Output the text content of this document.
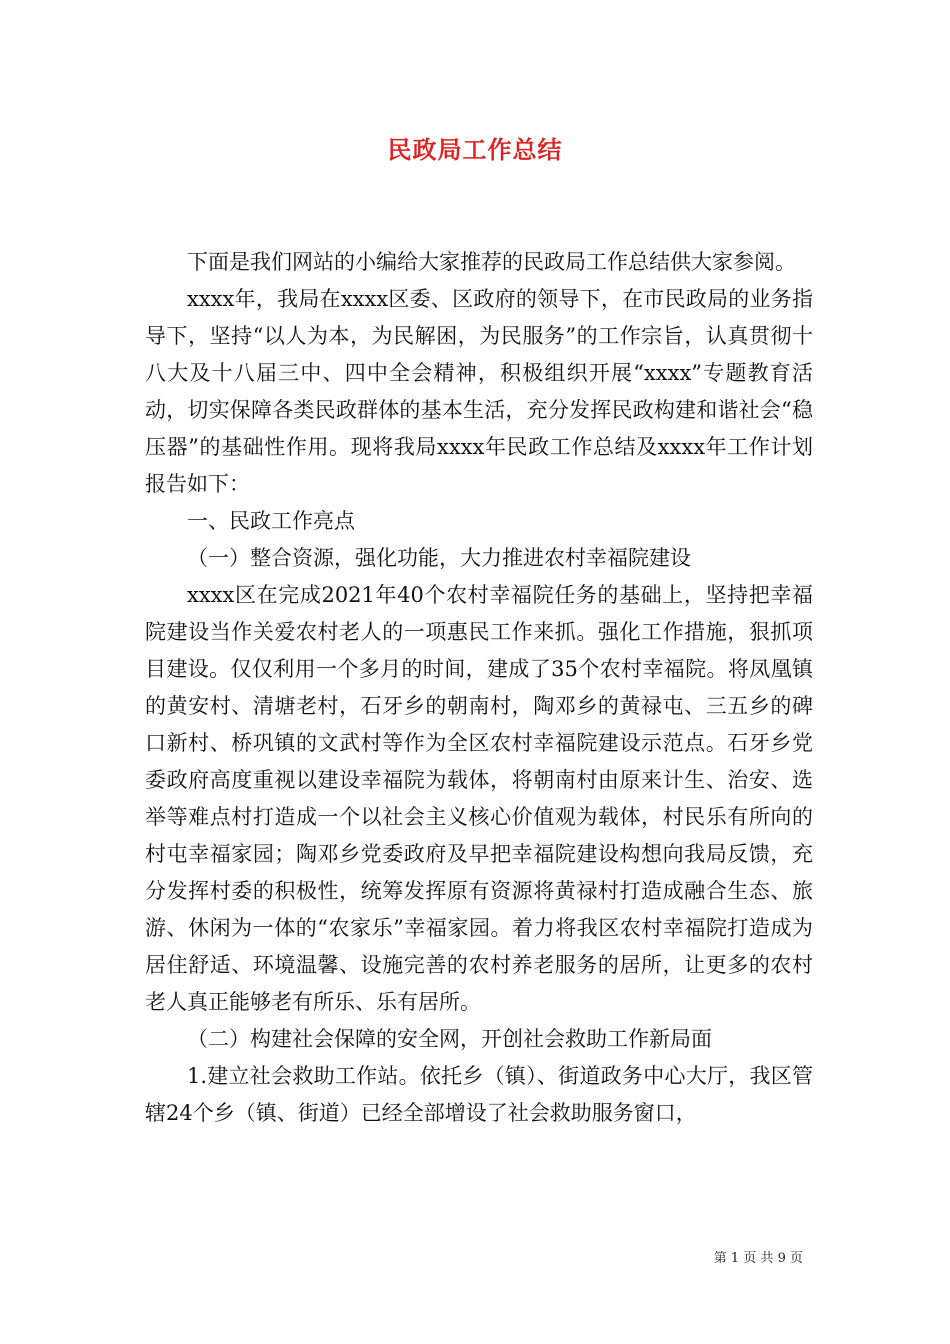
民政局工作总结

下面是我们网站的小编给大家推荐的民政局工作总结供大家参阅。

xxxx年，我局在xxxx区委、区政府的领导下，在市民政局的业务指导下，坚持“以人为本，为民解困，为民服务”的工作宗旨，认真贯彻十八大及十八届三中、四中全会精神，积极组织开展“xxxx”专题教育活动，切实保障各类民政群体的基本生活，充分发挥民政构建和谐社会“稳压器”的基础性作用。现将我局xxxx年民政工作总结及xxxx年工作计划报告如下：

一、民政工作亮点

（一）整合资源，强化功能，大力推进农村幸福院建设

xxxx区在完成2021年40个农村幸福院任务的基础上，坚持把幸福院建设当作关爱农村老人的一项惠民工作来抓。强化工作措施，狠抓项目建设。仅仅利用一个多月的时间，建成了35个农村幸福院。将凤凰镇的黄安村、清塘老村，石牙乡的朝南村，陶邓乡的黄禄屯、三五乡的碑口新村、桥巩镇的文武村等作为全区农村幸福院建设示范点。石牙乡党委政府高度重视以建设幸福院为载体，将朝南村由原来计生、治安、选举等难点村打造成一个以社会主义核心价值观为载体，村民乐有所向的村屯幸福家园；陶邓乡党委政府及早把幸福院建设构想向我局反馈，充分发挥村委的积极性，统筹发挥原有资源将黄禄村打造成融合生态、旅游、休闲为一体的“农家乐”幸福家园。着力将我区农村幸福院打造成为居住舒适、环境温馨、设施完善的农村养老服务的居所，让更多的农村老人真正能够老有所乐、乐有居所。

（二）构建社会保障的安全网，开创社会救助工作新局面

1.建立社会救助工作站。依托乡（镇）、街道政务中心大厅，我区管辖24个乡（镇、街道）已经全部增设了社会救助服务窗口，

第 1 页 共 9 页
